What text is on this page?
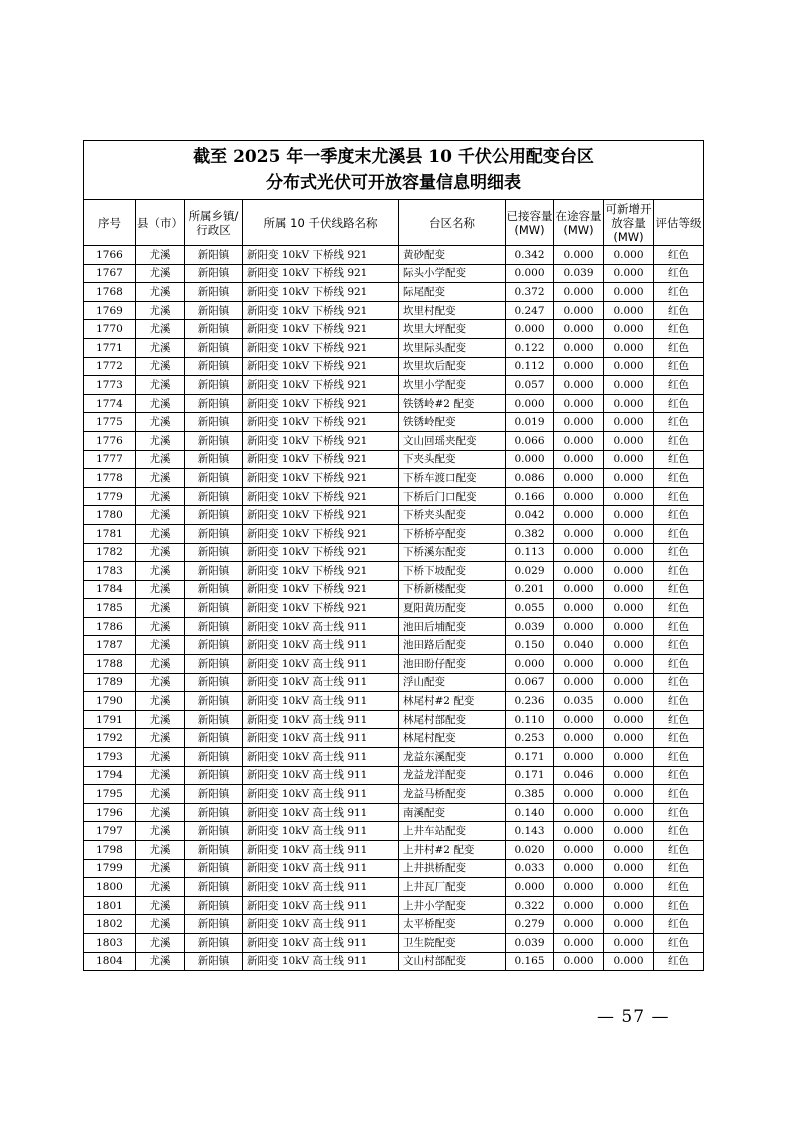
截至 2025 年一季度末尤溪县 10 千伏公用配变台区
分布式光伏可开放容量信息明细表								

序号	县（市）	所属乡镇/行政区	所属 10 千伏线路名称	台区名称	已接容量(MW)	在途容量(MW)	可新增开放容量(MW)	评估等级
1766	尤溪	新阳镇	新阳变 10kV 下桥线 921	黄砂配变	0.342	0.000	0.000	红色
1767	尤溪	新阳镇	新阳变 10kV 下桥线 921	际头小学配变	0.000	0.039	0.000	红色
1768	尤溪	新阳镇	新阳变 10kV 下桥线 921	际尾配变	0.372	0.000	0.000	红色
1769	尤溪	新阳镇	新阳变 10kV 下桥线 921	坎里村配变	0.247	0.000	0.000	红色
1770	尤溪	新阳镇	新阳变 10kV 下桥线 921	坎里大坪配变	0.000	0.000	0.000	红色
1771	尤溪	新阳镇	新阳变 10kV 下桥线 921	坎里际头配变	0.122	0.000	0.000	红色
1772	尤溪	新阳镇	新阳变 10kV 下桥线 921	坎里坎后配变	0.112	0.000	0.000	红色
1773	尤溪	新阳镇	新阳变 10kV 下桥线 921	坎里小学配变	0.057	0.000	0.000	红色
1774	尤溪	新阳镇	新阳变 10kV 下桥线 921	铁锈岭#2 配变	0.000	0.000	0.000	红色
1775	尤溪	新阳镇	新阳变 10kV 下桥线 921	铁锈岭配变	0.019	0.000	0.000	红色
1776	尤溪	新阳镇	新阳变 10kV 下桥线 921	文山回瑶夹配变	0.066	0.000	0.000	红色
1777	尤溪	新阳镇	新阳变 10kV 下桥线 921	下夹头配变	0.000	0.000	0.000	红色
1778	尤溪	新阳镇	新阳变 10kV 下桥线 921	下桥车渡口配变	0.086	0.000	0.000	红色
1779	尤溪	新阳镇	新阳变 10kV 下桥线 921	下桥后门口配变	0.166	0.000	0.000	红色
1780	尤溪	新阳镇	新阳变 10kV 下桥线 921	下桥夹头配变	0.042	0.000	0.000	红色
1781	尤溪	新阳镇	新阳变 10kV 下桥线 921	下桥桥亭配变	0.382	0.000	0.000	红色
1782	尤溪	新阳镇	新阳变 10kV 下桥线 921	下桥溪东配变	0.113	0.000	0.000	红色
1783	尤溪	新阳镇	新阳变 10kV 下桥线 921	下桥下坡配变	0.029	0.000	0.000	红色
1784	尤溪	新阳镇	新阳变 10kV 下桥线 921	下桥新楼配变	0.201	0.000	0.000	红色
1785	尤溪	新阳镇	新阳变 10kV 下桥线 921	夏阳黄历配变	0.055	0.000	0.000	红色
1786	尤溪	新阳镇	新阳变 10kV 高士线 911	池田后埔配变	0.039	0.000	0.000	红色
1787	尤溪	新阳镇	新阳变 10kV 高士线 911	池田路后配变	0.150	0.040	0.000	红色
1788	尤溪	新阳镇	新阳变 10kV 高士线 911	池田盼仔配变	0.000	0.000	0.000	红色
1789	尤溪	新阳镇	新阳变 10kV 高士线 911	浮山配变	0.067	0.000	0.000	红色
1790	尤溪	新阳镇	新阳变 10kV 高士线 911	林尾村#2 配变	0.236	0.035	0.000	红色
1791	尤溪	新阳镇	新阳变 10kV 高士线 911	林尾村部配变	0.110	0.000	0.000	红色
1792	尤溪	新阳镇	新阳变 10kV 高士线 911	林尾村配变	0.253	0.000	0.000	红色
1793	尤溪	新阳镇	新阳变 10kV 高士线 911	龙益东溪配变	0.171	0.000	0.000	红色
1794	尤溪	新阳镇	新阳变 10kV 高士线 911	龙益龙洋配变	0.171	0.046	0.000	红色
1795	尤溪	新阳镇	新阳变 10kV 高士线 911	龙益马桥配变	0.385	0.000	0.000	红色
1796	尤溪	新阳镇	新阳变 10kV 高士线 911	南溪配变	0.140	0.000	0.000	红色
1797	尤溪	新阳镇	新阳变 10kV 高士线 911	上井车站配变	0.143	0.000	0.000	红色
1798	尤溪	新阳镇	新阳变 10kV 高士线 911	上井村#2 配变	0.020	0.000	0.000	红色
1799	尤溪	新阳镇	新阳变 10kV 高士线 911	上井拱桥配变	0.033	0.000	0.000	红色
1800	尤溪	新阳镇	新阳变 10kV 高士线 911	上井瓦厂配变	0.000	0.000	0.000	红色
1801	尤溪	新阳镇	新阳变 10kV 高士线 911	上井小学配变	0.322	0.000	0.000	红色
1802	尤溪	新阳镇	新阳变 10kV 高士线 911	太平桥配变	0.279	0.000	0.000	红色
1803	尤溪	新阳镇	新阳变 10kV 高士线 911	卫生院配变	0.039	0.000	0.000	红色
1804	尤溪	新阳镇	新阳变 10kV 高士线 911	文山村部配变	0.165	0.000	0.000	红色
— 57 —
